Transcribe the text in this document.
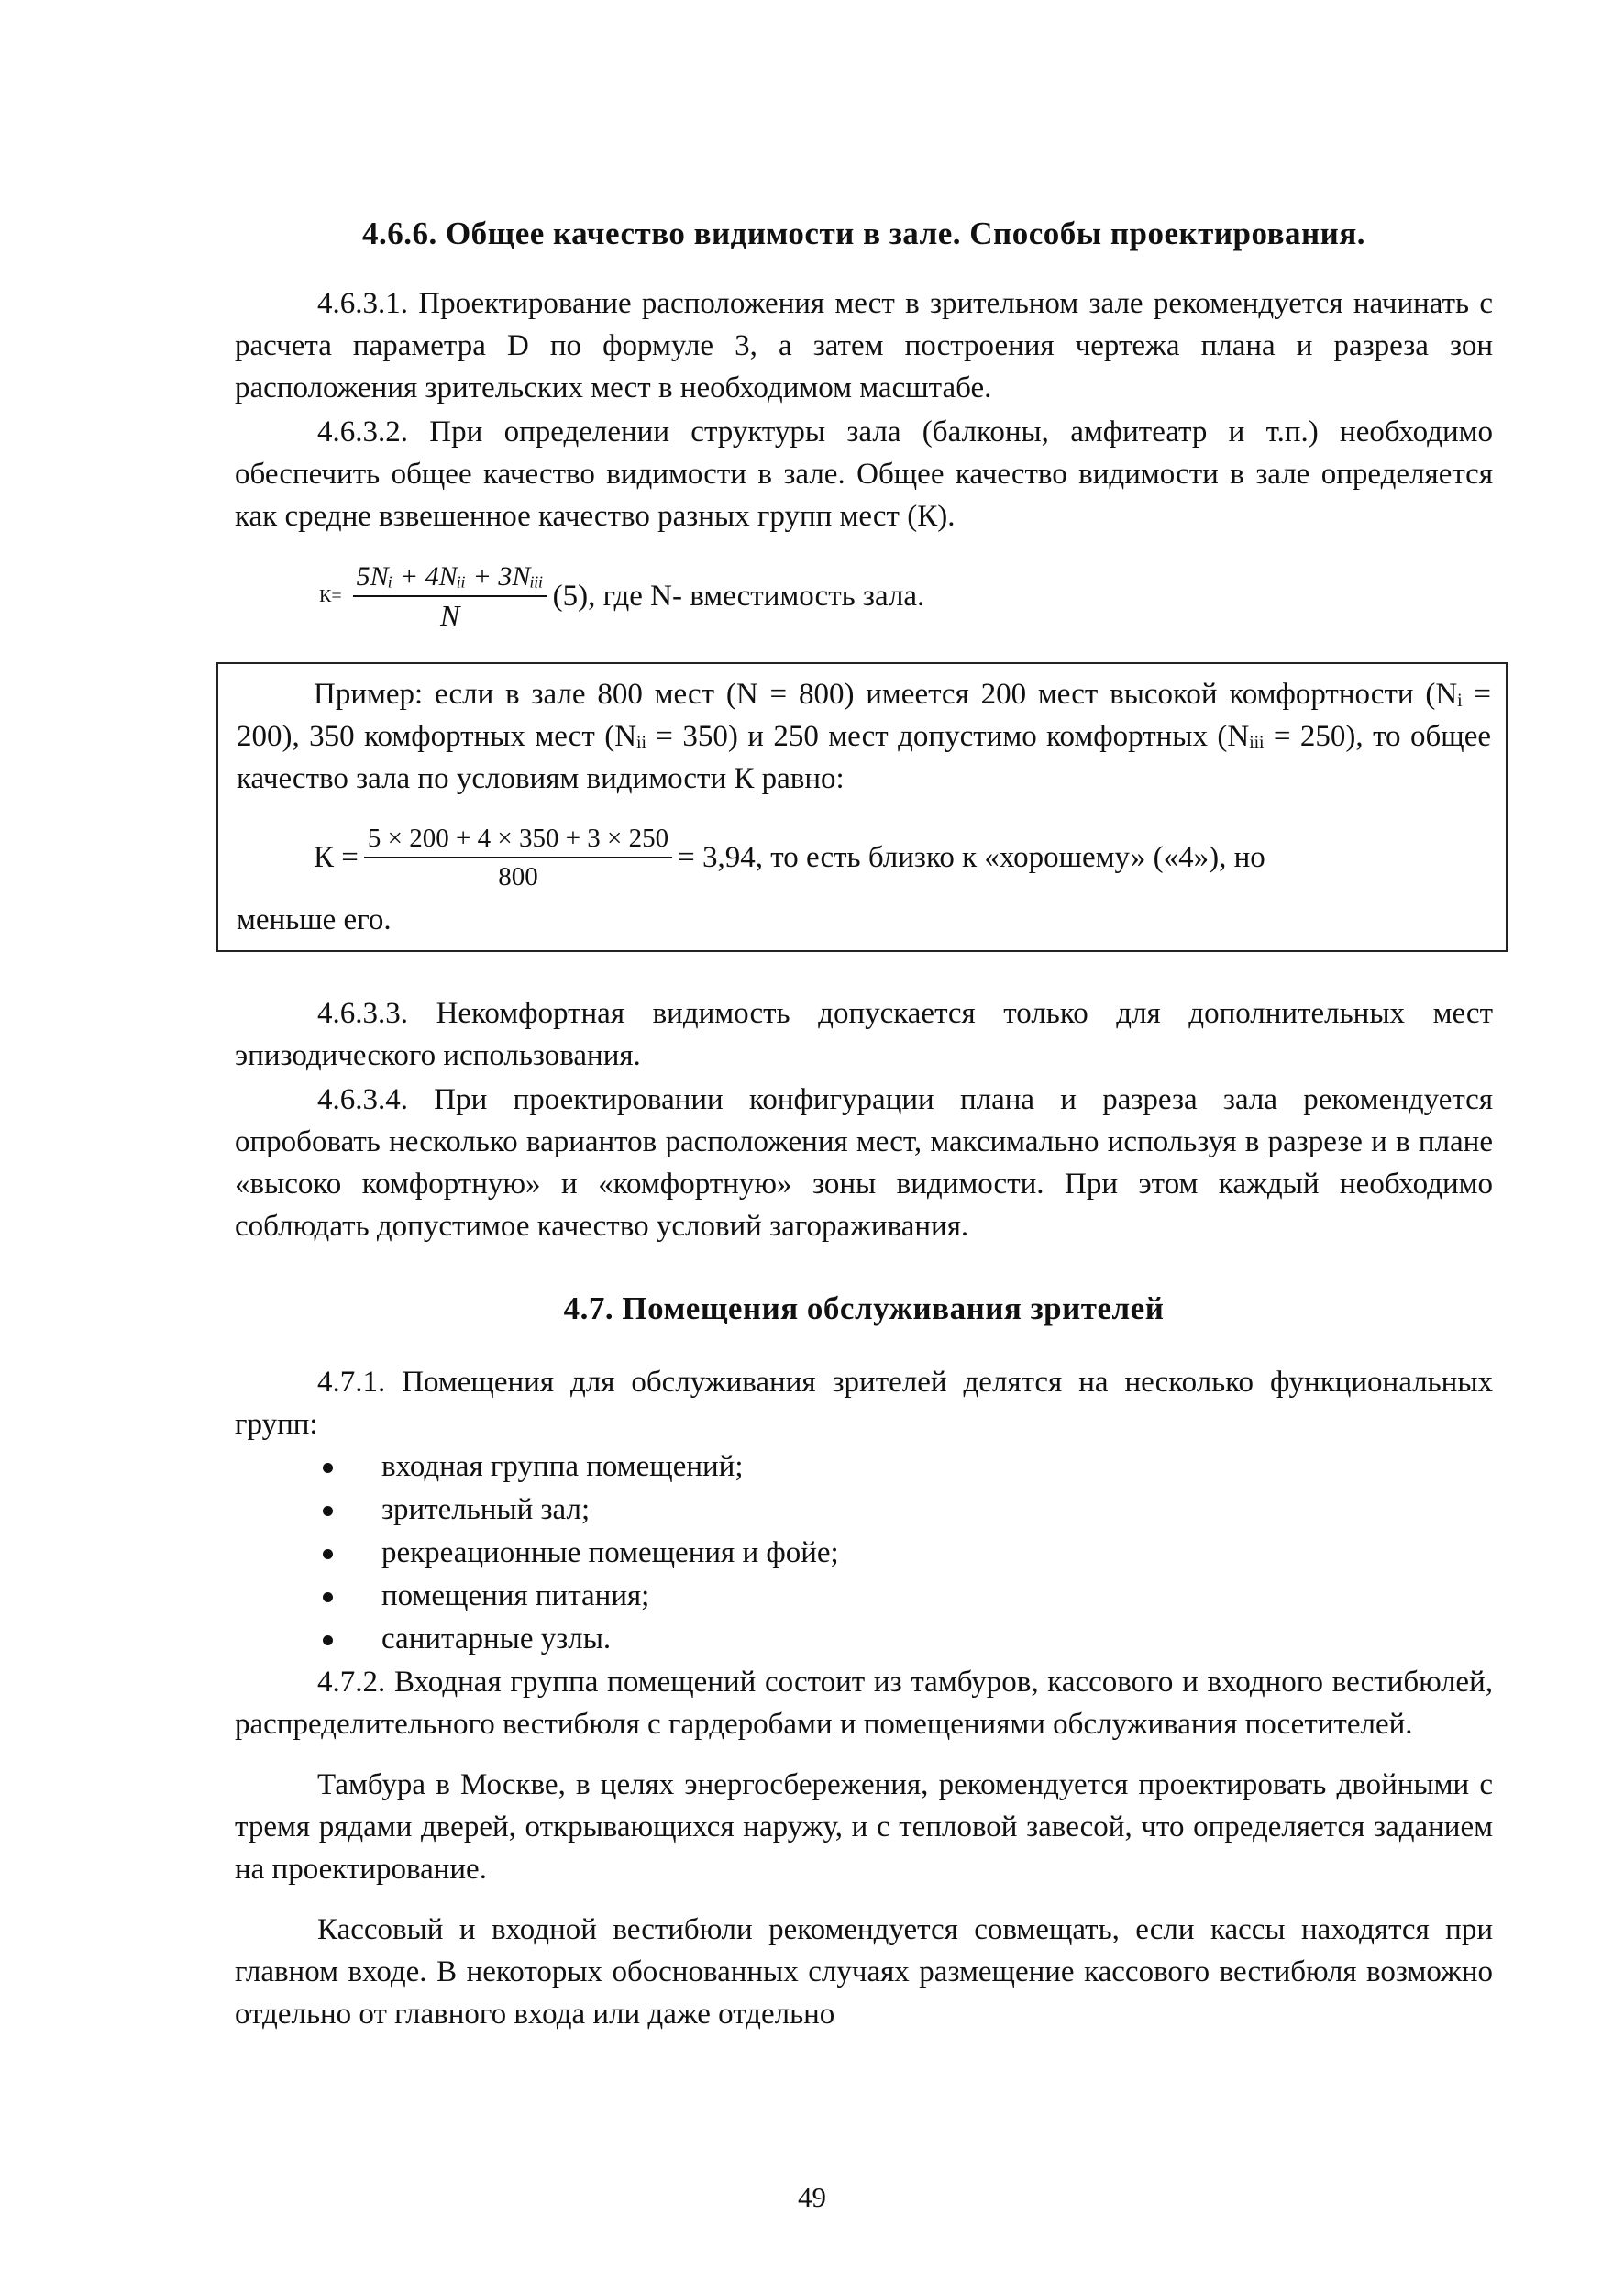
4.6.6. Общее качество видимости в зале. Способы проектирования.

4.6.3.1. Проектирование расположения мест в зрительном зале рекомендуется начинать с расчета параметра D по формуле 3, а затем построения чертежа плана и разреза зон расположения зрительских мест в необходимом масштабе.

4.6.3.2. При определении структуры зала (балконы, амфитеатр и т.п.) необходимо обеспечить общее качество видимости в зале. Общее качество видимости в зале определяется как средне взвешенное качество разных групп мест (К).

$К= \frac{\text{5Nᵢ + 4Nᵢᵢ + 3Nᵢᵢᵢ}}{N} (5)$, где N- вместимость зала.

Пример: если в зале 800 мест (N = 800) имеется 200 мест высокой комфортности (Nᵢ = 200), 350 комфортных мест (Nᵢᵢ = 350) и 250 мест допустимо комфортных (Nᵢᵢᵢ = 250), то общее качество зала по условиям видимости К равно:

$К = \frac{5 \times 200 + 4 \times 350 + 3 \times 250}{800} = 3,94$, то есть близко к «хорошему» («4»), но

меньше его.

4.6.3.3. Некомфортная видимость допускается только для дополнительных мест эпизодического использования.

4.6.3.4. При проектировании конфигурации плана и разреза зала рекомендуется опробовать несколько вариантов расположения мест, максимально используя в разрезе и в плане «высоко комфортную» и «комфортную» зоны видимости. При этом каждый необходимо соблюдать допустимое качество условий загораживания.

4.7. Помещения обслуживания зрителей

4.7.1. Помещения для обслуживания зрителей делятся на несколько функциональных групп:

входная группа помещений;
зрительный зал;
рекреационные помещения и фойе;
помещения питания;
санитарные узлы.

4.7.2. Входная группа помещений состоит из тамбуров, кассового и входного вестибюлей, распределительного вестибюля с гардеробами и помещениями обслуживания посетителей.

Тамбура в Москве, в целях энергосбережения, рекомендуется проектировать двойными с тремя рядами дверей, открывающихся наружу, и с тепловой завесой, что определяется заданием на проектирование.

Кассовый и входной вестибюли рекомендуется совмещать, если кассы находятся при главном входе. В некоторых обоснованных случаях размещение кассового вестибюля возможно отдельно от главного входа или даже отдельно

49
